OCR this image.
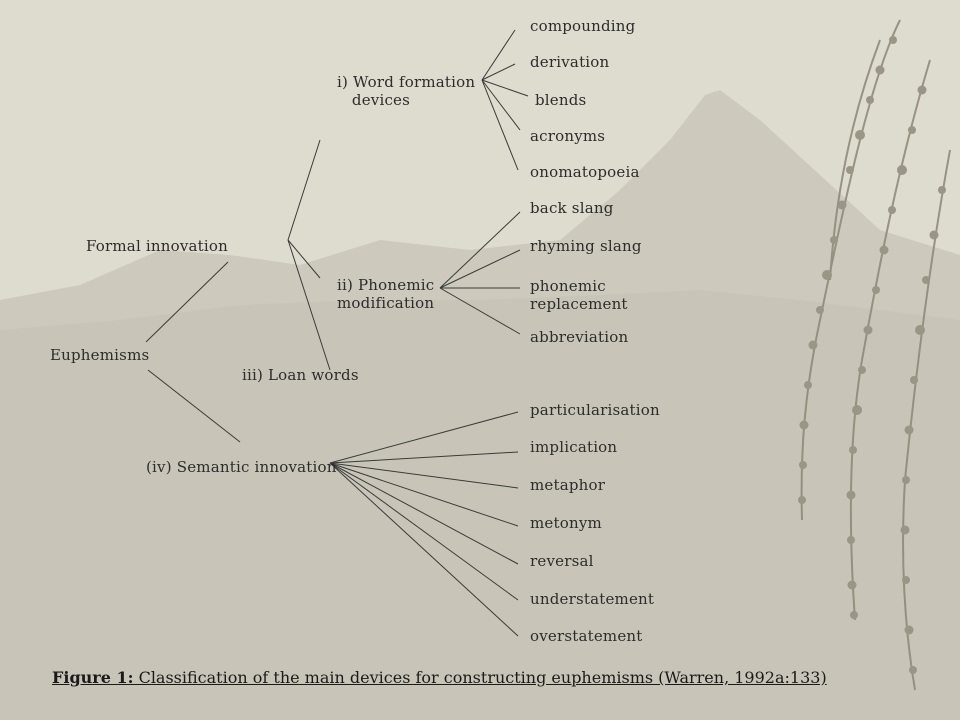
Euphemisms
Formal innovation
i) Word formation
devices
ii) Phonemic
modification
iii) Loan words
(iv) Semantic innovation
compounding
derivation
blends
acronyms
onomatopoeia
back slang
rhyming slang
phonemic
replacement
abbreviation
particularisation
implication
metaphor
metonym
reversal
understatement
overstatement
Figure 1: Classification of the main devices for constructing euphemisms (Warren, 1992a:133)
